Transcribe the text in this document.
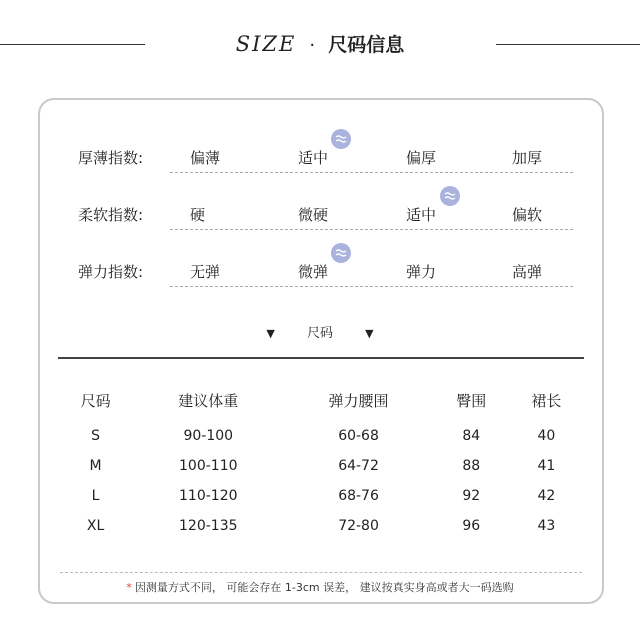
SIZE · 尺码信息
厚薄指数:	偏薄	适中	偏厚	加厚
柔软指数:	硬	微硬	适中	偏软
弹力指数:	无弹	微弹	弹力	高弹
▼ 尺码	▼
尺码	建议体重	弹力腰围	臀围	裙长
S	90-100	60-68	84	40
M	100-110	64-72	88	41
L	110-120	68-76	92	42
XL	120-135	72-80	96	43
* 因测量方式不同， 可能会存在 1-3cm 误差， 建议按真实身高或者大一码选购
